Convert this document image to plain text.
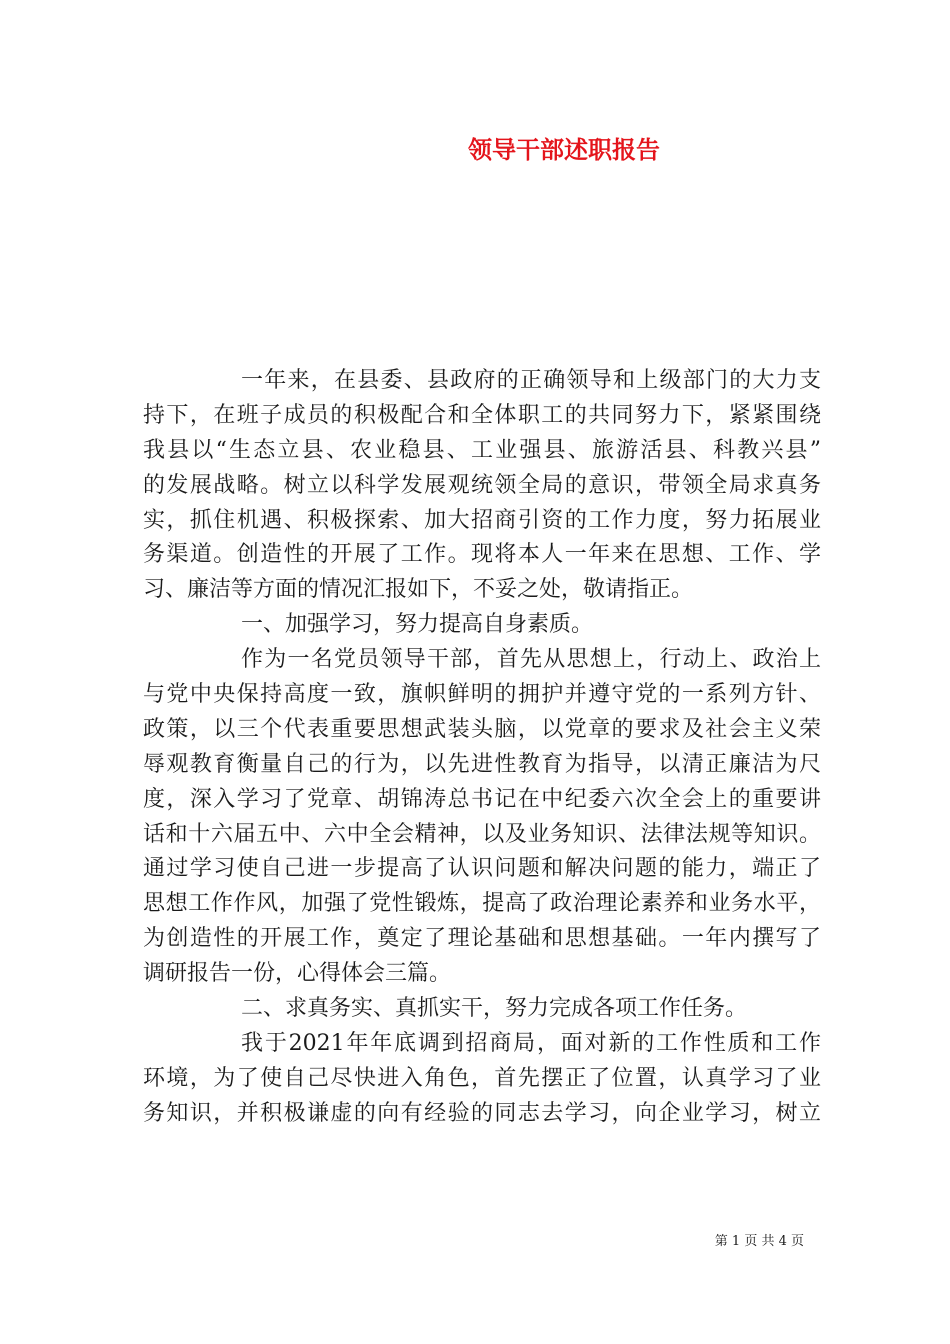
领导干部述职报告
一年来，在县委、县政府的正确领导和上级部门的大力支
持下，在班子成员的积极配合和全体职工的共同努力下，紧紧围绕
我县以“生态立县、农业稳县、工业强县、旅游活县、科教兴县”
的发展战略。树立以科学发展观统领全局的意识，带领全局求真务
实，抓住机遇、积极探索、加大招商引资的工作力度，努力拓展业
务渠道。创造性的开展了工作。现将本人一年来在思想、工作、学
习、廉洁等方面的情况汇报如下，不妥之处，敬请指正。
一、加强学习，努力提高自身素质。
作为一名党员领导干部，首先从思想上，行动上、政治上
与党中央保持高度一致，旗帜鲜明的拥护并遵守党的一系列方针、
政策，以三个代表重要思想武装头脑，以党章的要求及社会主义荣
辱观教育衡量自己的行为，以先进性教育为指导，以清正廉洁为尺
度，深入学习了党章、胡锦涛总书记在中纪委六次全会上的重要讲
话和十六届五中、六中全会精神，以及业务知识、法律法规等知识。
通过学习使自己进一步提高了认识问题和解决问题的能力，端正了
思想工作作风，加强了党性锻炼，提高了政治理论素养和业务水平，
为创造性的开展工作，奠定了理论基础和思想基础。一年内撰写了
调研报告一份，心得体会三篇。
二、求真务实、真抓实干，努力完成各项工作任务。
我于2021年年底调到招商局，面对新的工作性质和工作
环境，为了使自己尽快进入角色，首先摆正了位置，认真学习了业
务知识，并积极谦虚的向有经验的同志去学习，向企业学习，树立
第 1 页 共 4 页
